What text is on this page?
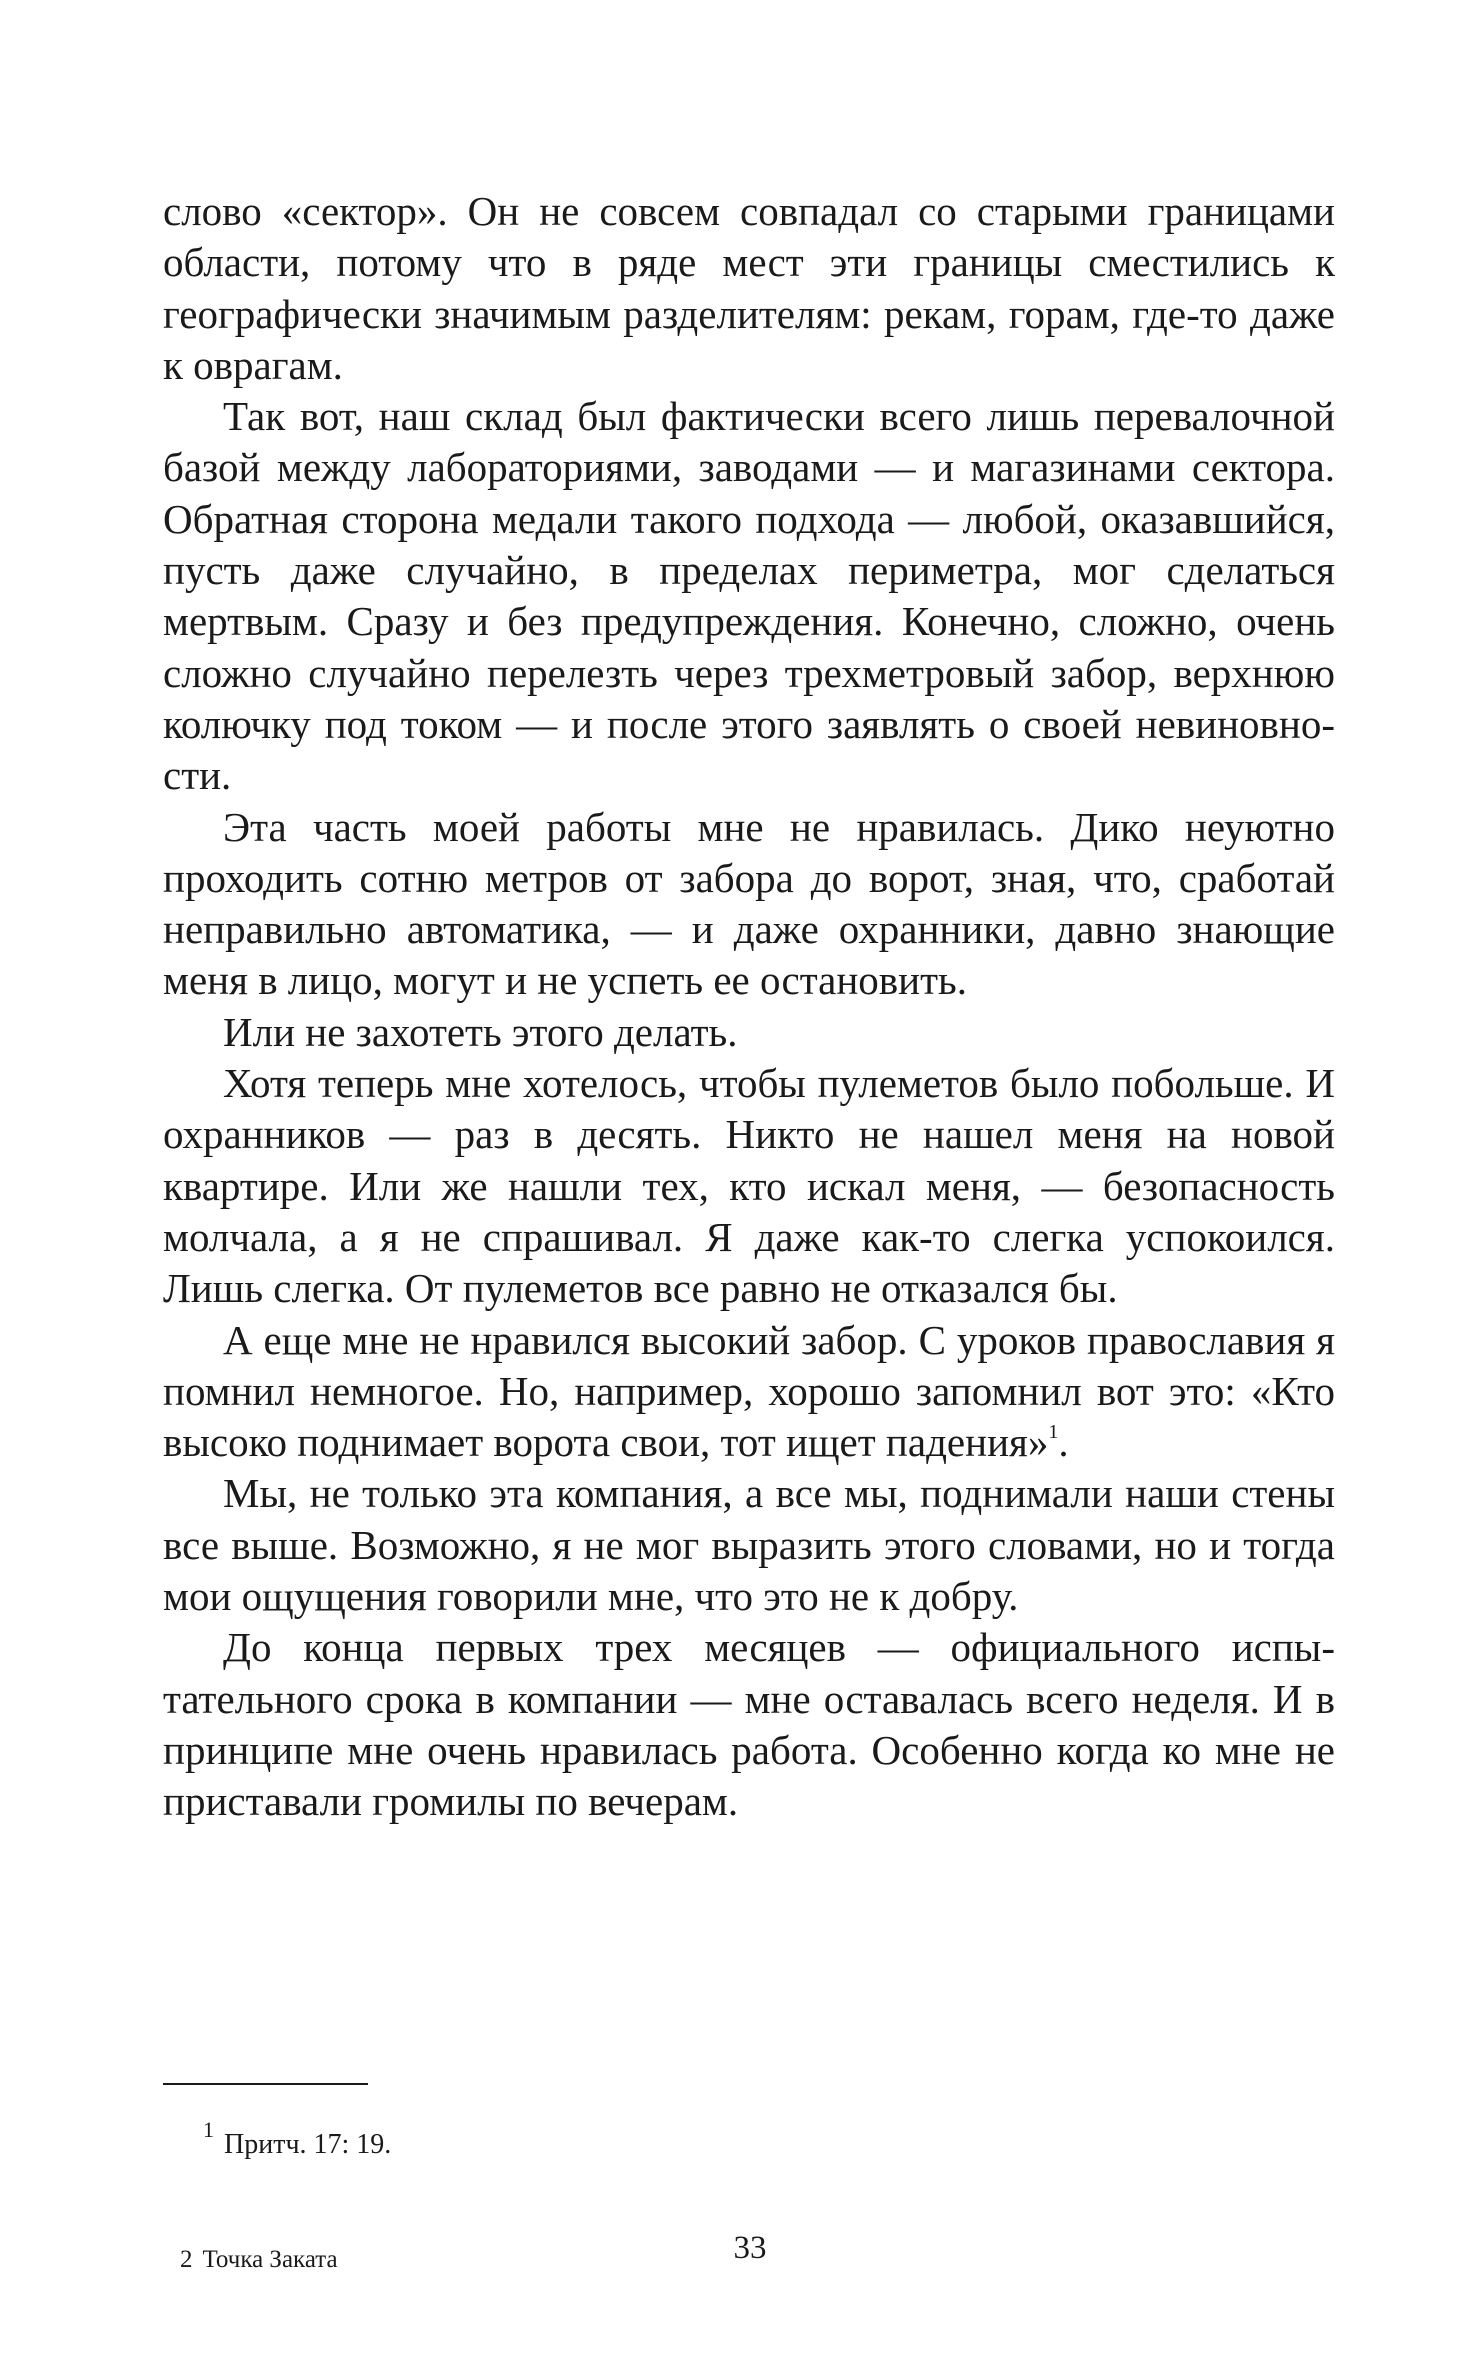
слово «сектор». Он не совсем совпадал со старыми границами области, потому что в ряде мест эти границы сместились к географически значимым разделителям: рекам, горам, где-то даже к оврагам.

Так вот, наш склад был фактически всего лишь перевалочной базой между лабораториями, заводами — и магазинами сектора. Обратная сторона медали такого подхода — любой, оказавшийся, пусть даже случайно, в пределах периметра, мог сделаться мертвым. Сразу и без предупреждения. Конечно, сложно, очень сложно случайно перелезть через трехметровый забор, верхнюю колючку под током — и после этого заявлять о своей невиновности.

Эта часть моей работы мне не нравилась. Дико неуютно проходить сотню метров от забора до ворот, зная, что, сработай неправильно автоматика, — и даже охранники, давно знающие меня в лицо, могут и не успеть ее остановить.

Или не захотеть этого делать.

Хотя теперь мне хотелось, чтобы пулеметов было побольше. И охранников — раз в десять. Никто не нашел меня на новой квартире. Или же нашли тех, кто искал меня, — безопасность молчала, а я не спрашивал. Я даже как-то слегка успокоился. Лишь слегка. От пулеметов все равно не отказался бы.

А еще мне не нравился высокий забор. С уроков православия я помнил немногое. Но, например, хорошо запомнил вот это: «Кто высоко поднимает ворота свои, тот ищет падения»$^1$.

Мы, не только эта компания, а все мы, поднимали наши стены все выше. Возможно, я не мог выразить этого словами, но и тогда мои ощущения говорили мне, что это не к добру.

До конца первых трех месяцев — официального испытательного срока в компании — мне оставалась всего неделя. И в принципе мне очень нравилась работа. Особенно когда ко мне не приставали громилы по вечерам.

$^1$ Притч. 17: 19.
2 Точка Заката	33
